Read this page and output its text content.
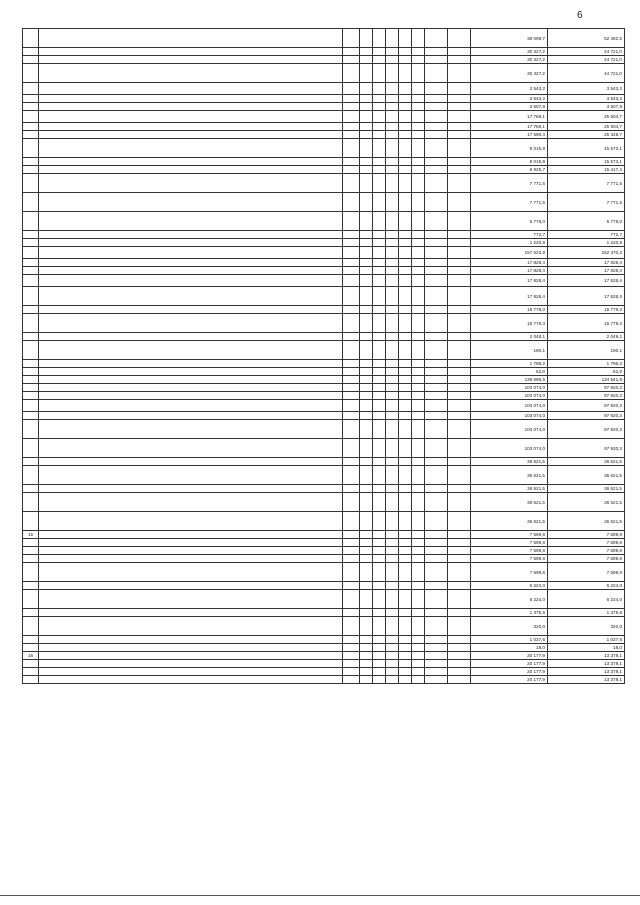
6
										38 098,7	52 492,5
										30 327,2	44 721,0
										30 327,2	44 721,0
										30 327,2	44 721,0
										3 543,2	3 543,2
										3 543,2	3 543,2
										3 507,8	3 507,8
										17 768,1	25 604,7
										17 768,1	25 604,7
										17 590,4	25 348,7
										9 015,9	15 573,1
										9 015,9	15 573,1
										8 925,7	15 417,4
										7 771,5	7 771,5
										7 771,5	7 771,5
										5 778,0	5 778,0
										772,7	772,7
										1 220,8	1 220,8
										157 523,9	152 370,2
										17 828,4	17 828,4
										17 828,4	17 828,4
										17 828,4	17 828,4
										17 828,4	17 828,4
										15 779,3	15 779,3
										15 779,3	15 779,3
										2 048,1	2 049,1
										190,1	190,1
										1 796,2	1 796,2
										62,8	62,8
										139 695,5	134 541,8
										103 074,0	97 920,3
										103 074,0	97 920,3
										103 074,0	97 920,3
										103 074,0	97 920,3
										103 074,0	97 920,3
										103 074,0	97 920,3
										36 621,5	36 621,5
										36 621,5	36 621,5
										36 621,5	36 621,5
										36 621,5	36 621,5
										36 621,5	36 621,5
15										7 599,6	7 599,6
										7 599,6	7 599,6
										7 599,6	7 599,6
										7 599,6	7 599,6
										7 599,6	7 599,6
										6 224,0	6 224,0
										6 224,0	6 224,0
										1 375,6	1 375,6
										320,0	320,0
										1 037,6	1 037,6
										18,0	18,0
16										20 177,9	13 379,1
										20 177,9	13 379,1
										20 177,9	13 379,1
										20 177,9	13 379,1
